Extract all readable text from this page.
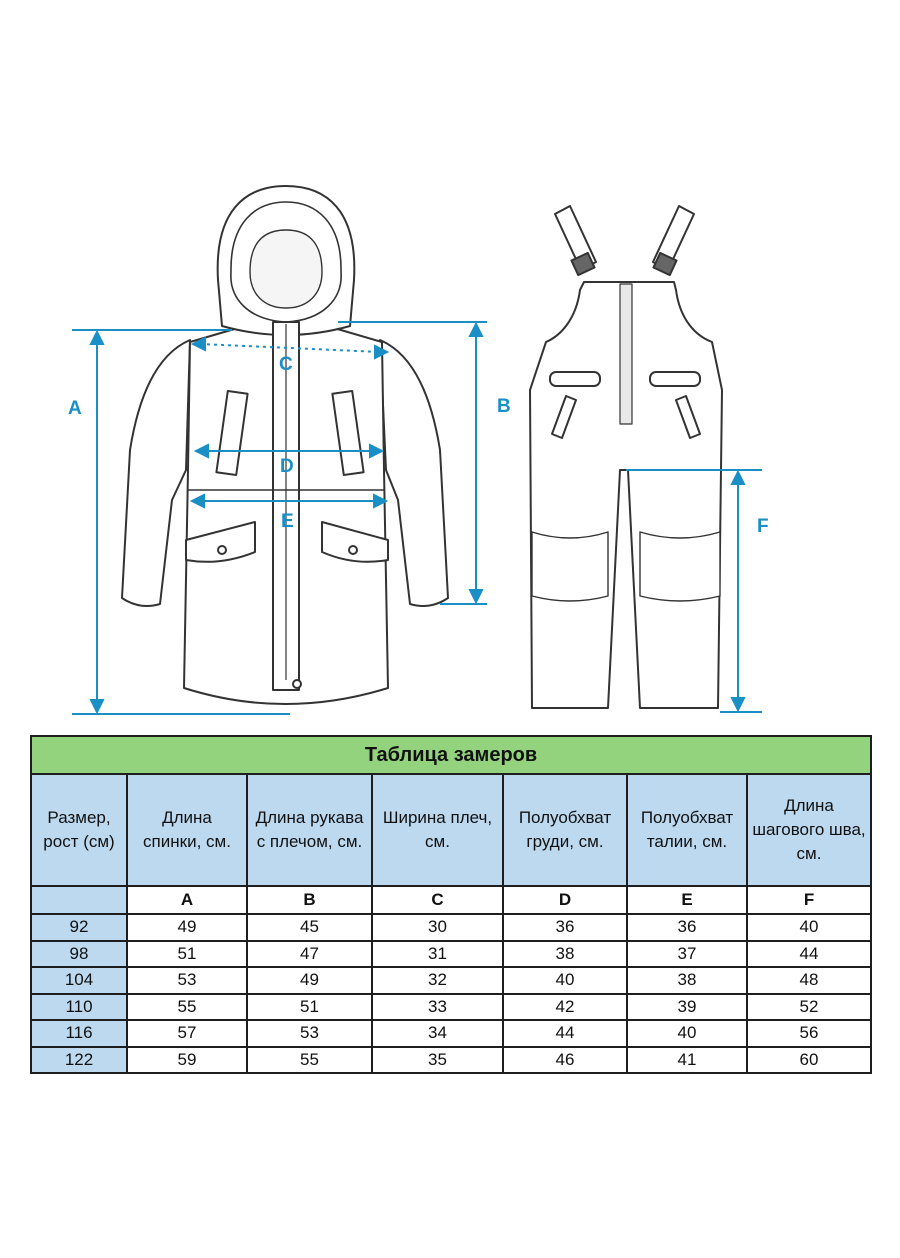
A	B
C
D
E	F
Таблица замеров						
Размер, рост (см)	Длина спинки, см.	Длина рукава с плечом, см.	Ширина плеч, см.	Полуобхват груди, см.	Полуобхват талии, см.	Длина шагового шва, см.
	A	B	C	D	E	F
92	49	45	30	36	36	40
98	51	47	31	38	37	44
104	53	49	32	40	38	48
110	55	51	33	42	39	52
116	57	53	34	44	40	56
122	59	55	35	46	41	60
